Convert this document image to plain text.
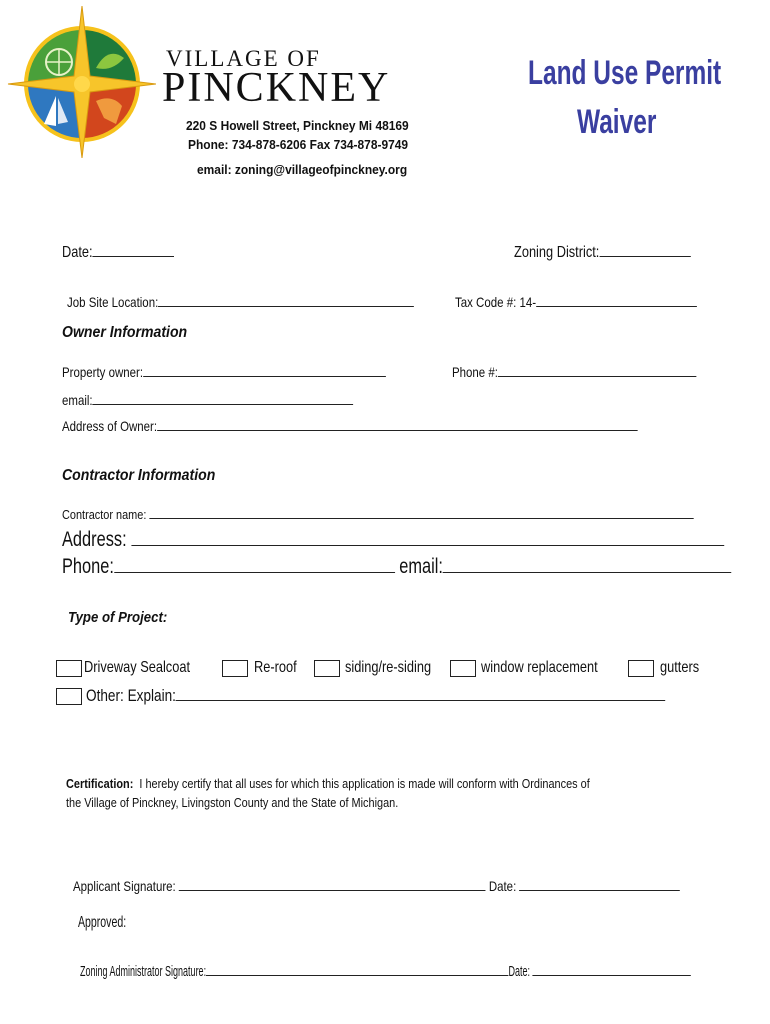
VILLAGE OF
PINCKNEY
220 S Howell Street, Pinckney Mi 48169
Phone: 734-878-6206 Fax 734-878-9749
email: zoning@villageofpinckney.org
Land Use Permit
Waiver
Date:	Zoning District:
Job Site Location:	Tax Code #: 14-
Owner Information
Property owner:	Phone #:
email:
Address of Owner:
Contractor Information
Contractor name:
Address:
Phone:	email:
Type of Project:
Driveway Sealcoat	Re-roof	siding/re-siding	window replacement	gutters
Other: Explain:
Certification: I hereby certify that all uses for which this application is made will conform with Ordinances of
the Village of Pinckney, Livingston County and the State of Michigan.
Applicant Signature:	Date:
Approved:
Zoning Administrator Signature:	Date:
